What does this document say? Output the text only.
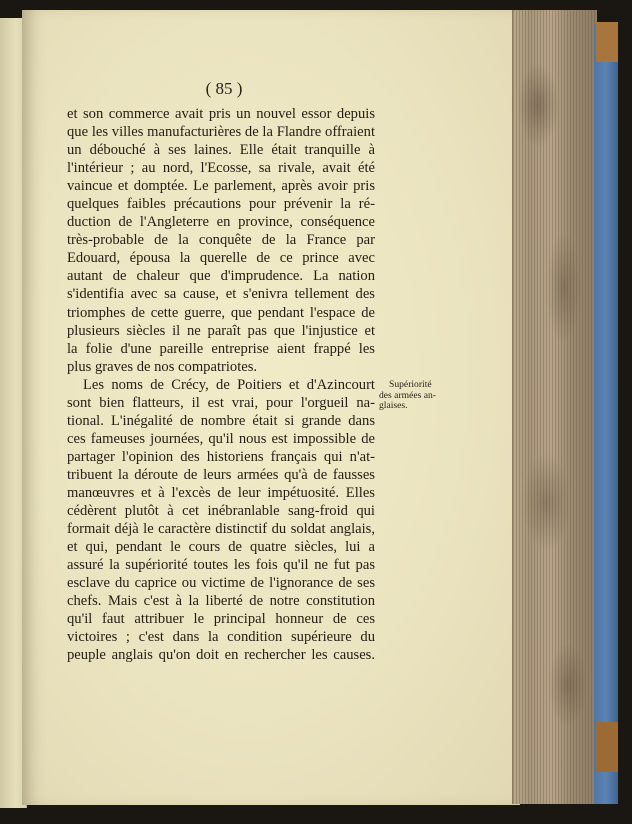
( 85 )
et son commerce avait pris un nouvel essor depuis
que les villes manufacturières de la Flandre offraient
un débouché à ses laines. Elle était tranquille à
l'intérieur ; au nord, l'Ecosse, sa rivale, avait été
vaincue et domptée. Le parlement, après avoir pris
quelques faibles précautions pour prévenir la ré-
duction de l'Angleterre en province, conséquence
très-probable de la conquête de la France par
Edouard, épousa la querelle de ce prince avec
autant de chaleur que d'imprudence. La nation
s'identifia avec sa cause, et s'enivra tellement des
triomphes de cette guerre, que pendant l'espace de
plusieurs siècles il ne paraît pas que l'injustice et
la folie d'une pareille entreprise aient frappé les
plus graves de nos compatriotes.
Les noms de Crécy, de Poitiers et d'Azincourt
sont bien flatteurs, il est vrai, pour l'orgueil na-
tional. L'inégalité de nombre était si grande dans
ces fameuses journées, qu'il nous est impossible de
partager l'opinion des historiens français qui n'at-
tribuent la déroute de leurs armées qu'à de fausses
manœuvres et à l'excès de leur impétuosité. Elles
cédèrent plutôt à cet inébranlable sang-froid qui
formait déjà le caractère distinctif du soldat anglais,
et qui, pendant le cours de quatre siècles, lui a
assuré la supériorité toutes les fois qu'il ne fut pas
esclave du caprice ou victime de l'ignorance de ses
chefs. Mais c'est à la liberté de notre constitution
qu'il faut attribuer le principal honneur de ces
victoires ; c'est dans la condition supérieure du
peuple anglais qu'on doit en rechercher les causes.
Supériorité
des armées an-
glaises.
